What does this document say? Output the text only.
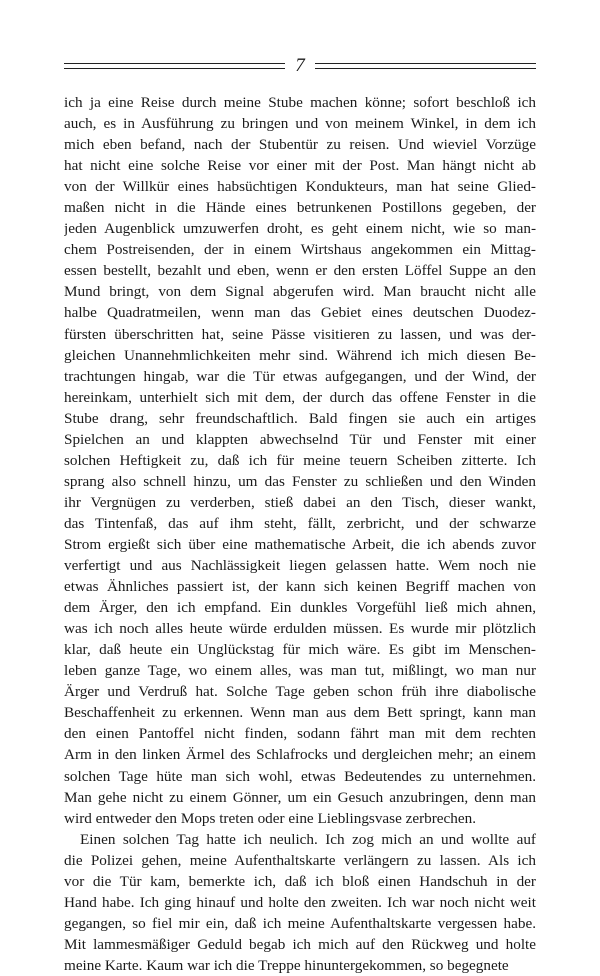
7
ich ja eine Reise durch meine Stube machen könne; sofort beschloß ich
auch, es in Ausführung zu bringen und von meinem Winkel, in dem ich
mich eben befand, nach der Stubentür zu reisen. Und wieviel Vorzüge
hat nicht eine solche Reise vor einer mit der Post. Man hängt nicht ab
von der Willkür eines habsüchtigen Kondukteurs, man hat seine Glied-
maßen nicht in die Hände eines betrunkenen Postillons gegeben, der
jeden Augenblick umzuwerfen droht, es geht einem nicht, wie so man-
chem Postreisenden, der in einem Wirtshaus angekommen ein Mittag-
essen bestellt, bezahlt und eben, wenn er den ersten Löffel Suppe an den
Mund bringt, von dem Signal abgerufen wird. Man braucht nicht alle
halbe Quadratmeilen, wenn man das Gebiet eines deutschen Duodez-
fürsten überschritten hat, seine Pässe visitieren zu lassen, und was der-
gleichen Unannehmlichkeiten mehr sind. Während ich mich diesen Be-
trachtungen hingab, war die Tür etwas aufgegangen, und der Wind, der
hereinkam, unterhielt sich mit dem, der durch das offene Fenster in die
Stube drang, sehr freundschaftlich. Bald fingen sie auch ein artiges
Spielchen an und klappten abwechselnd Tür und Fenster mit einer
solchen Heftigkeit zu, daß ich für meine teuern Scheiben zitterte. Ich
sprang also schnell hinzu, um das Fenster zu schließen und den Winden
ihr Vergnügen zu verderben, stieß dabei an den Tisch, dieser wankt,
das Tintenfaß, das auf ihm steht, fällt, zerbricht, und der schwarze
Strom ergießt sich über eine mathematische Arbeit, die ich abends zuvor
verfertigt und aus Nachlässigkeit liegen gelassen hatte. Wem noch nie
etwas Ähnliches passiert ist, der kann sich keinen Begriff machen von
dem Ärger, den ich empfand. Ein dunkles Vorgefühl ließ mich ahnen,
was ich noch alles heute würde erdulden müssen. Es wurde mir plötzlich
klar, daß heute ein Unglückstag für mich wäre. Es gibt im Menschen-
leben ganze Tage, wo einem alles, was man tut, mißlingt, wo man nur
Ärger und Verdruß hat. Solche Tage geben schon früh ihre diabolische
Beschaffenheit zu erkennen. Wenn man aus dem Bett springt, kann man
den einen Pantoffel nicht finden, sodann fährt man mit dem rechten
Arm in den linken Ärmel des Schlafrocks und dergleichen mehr; an einem
solchen Tage hüte man sich wohl, etwas Bedeutendes zu unternehmen.
Man gehe nicht zu einem Gönner, um ein Gesuch anzubringen, denn man
wird entweder den Mops treten oder eine Lieblingsvase zerbrechen.
Einen solchen Tag hatte ich neulich. Ich zog mich an und wollte auf
die Polizei gehen, meine Aufenthaltskarte verlängern zu lassen. Als ich
vor die Tür kam, bemerkte ich, daß ich bloß einen Handschuh in der
Hand habe. Ich ging hinauf und holte den zweiten. Ich war noch nicht weit
gegangen, so fiel mir ein, daß ich meine Aufenthaltskarte vergessen habe.
Mit lammesmäßiger Geduld begab ich mich auf den Rückweg und holte
meine Karte. Kaum war ich die Treppe hinuntergekommen, so begegnete
